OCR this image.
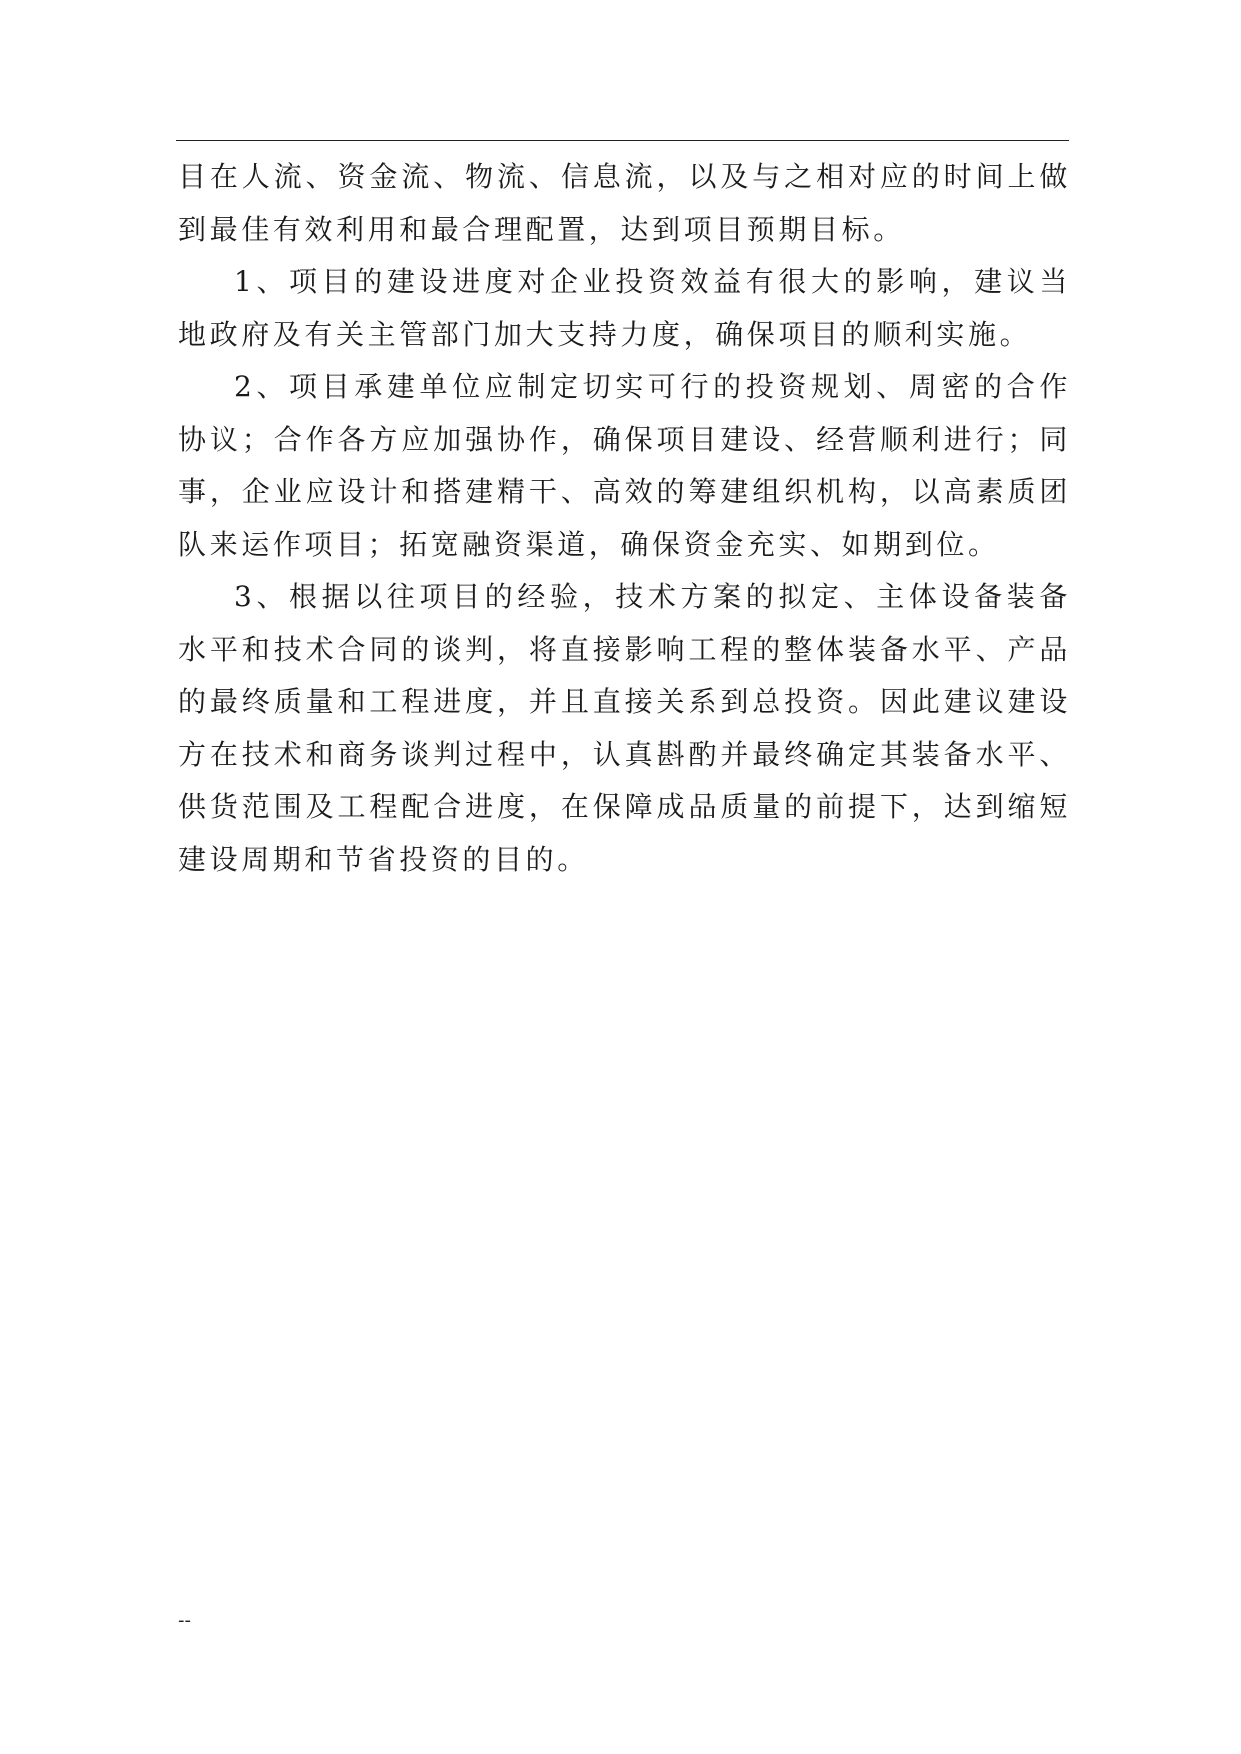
目在人流、资金流、物流、信息流，以及与之相对应的时间上做到最佳有效利用和最合理配置，达到项目预期目标。

1、项目的建设进度对企业投资效益有很大的影响，建议当地政府及有关主管部门加大支持力度，确保项目的顺利实施。

2、项目承建单位应制定切实可行的投资规划、周密的合作协议；合作各方应加强协作，确保项目建设、经营顺利进行；同事，企业应设计和搭建精干、高效的筹建组织机构，以高素质团队来运作项目；拓宽融资渠道，确保资金充实、如期到位。

3、根据以往项目的经验，技术方案的拟定、主体设备装备水平和技术合同的谈判，将直接影响工程的整体装备水平、产品的最终质量和工程进度，并且直接关系到总投资。因此建议建设方在技术和商务谈判过程中，认真斟酌并最终确定其装备水平、供货范围及工程配合进度，在保障成品质量的前提下，达到缩短建设周期和节省投资的目的。

--
